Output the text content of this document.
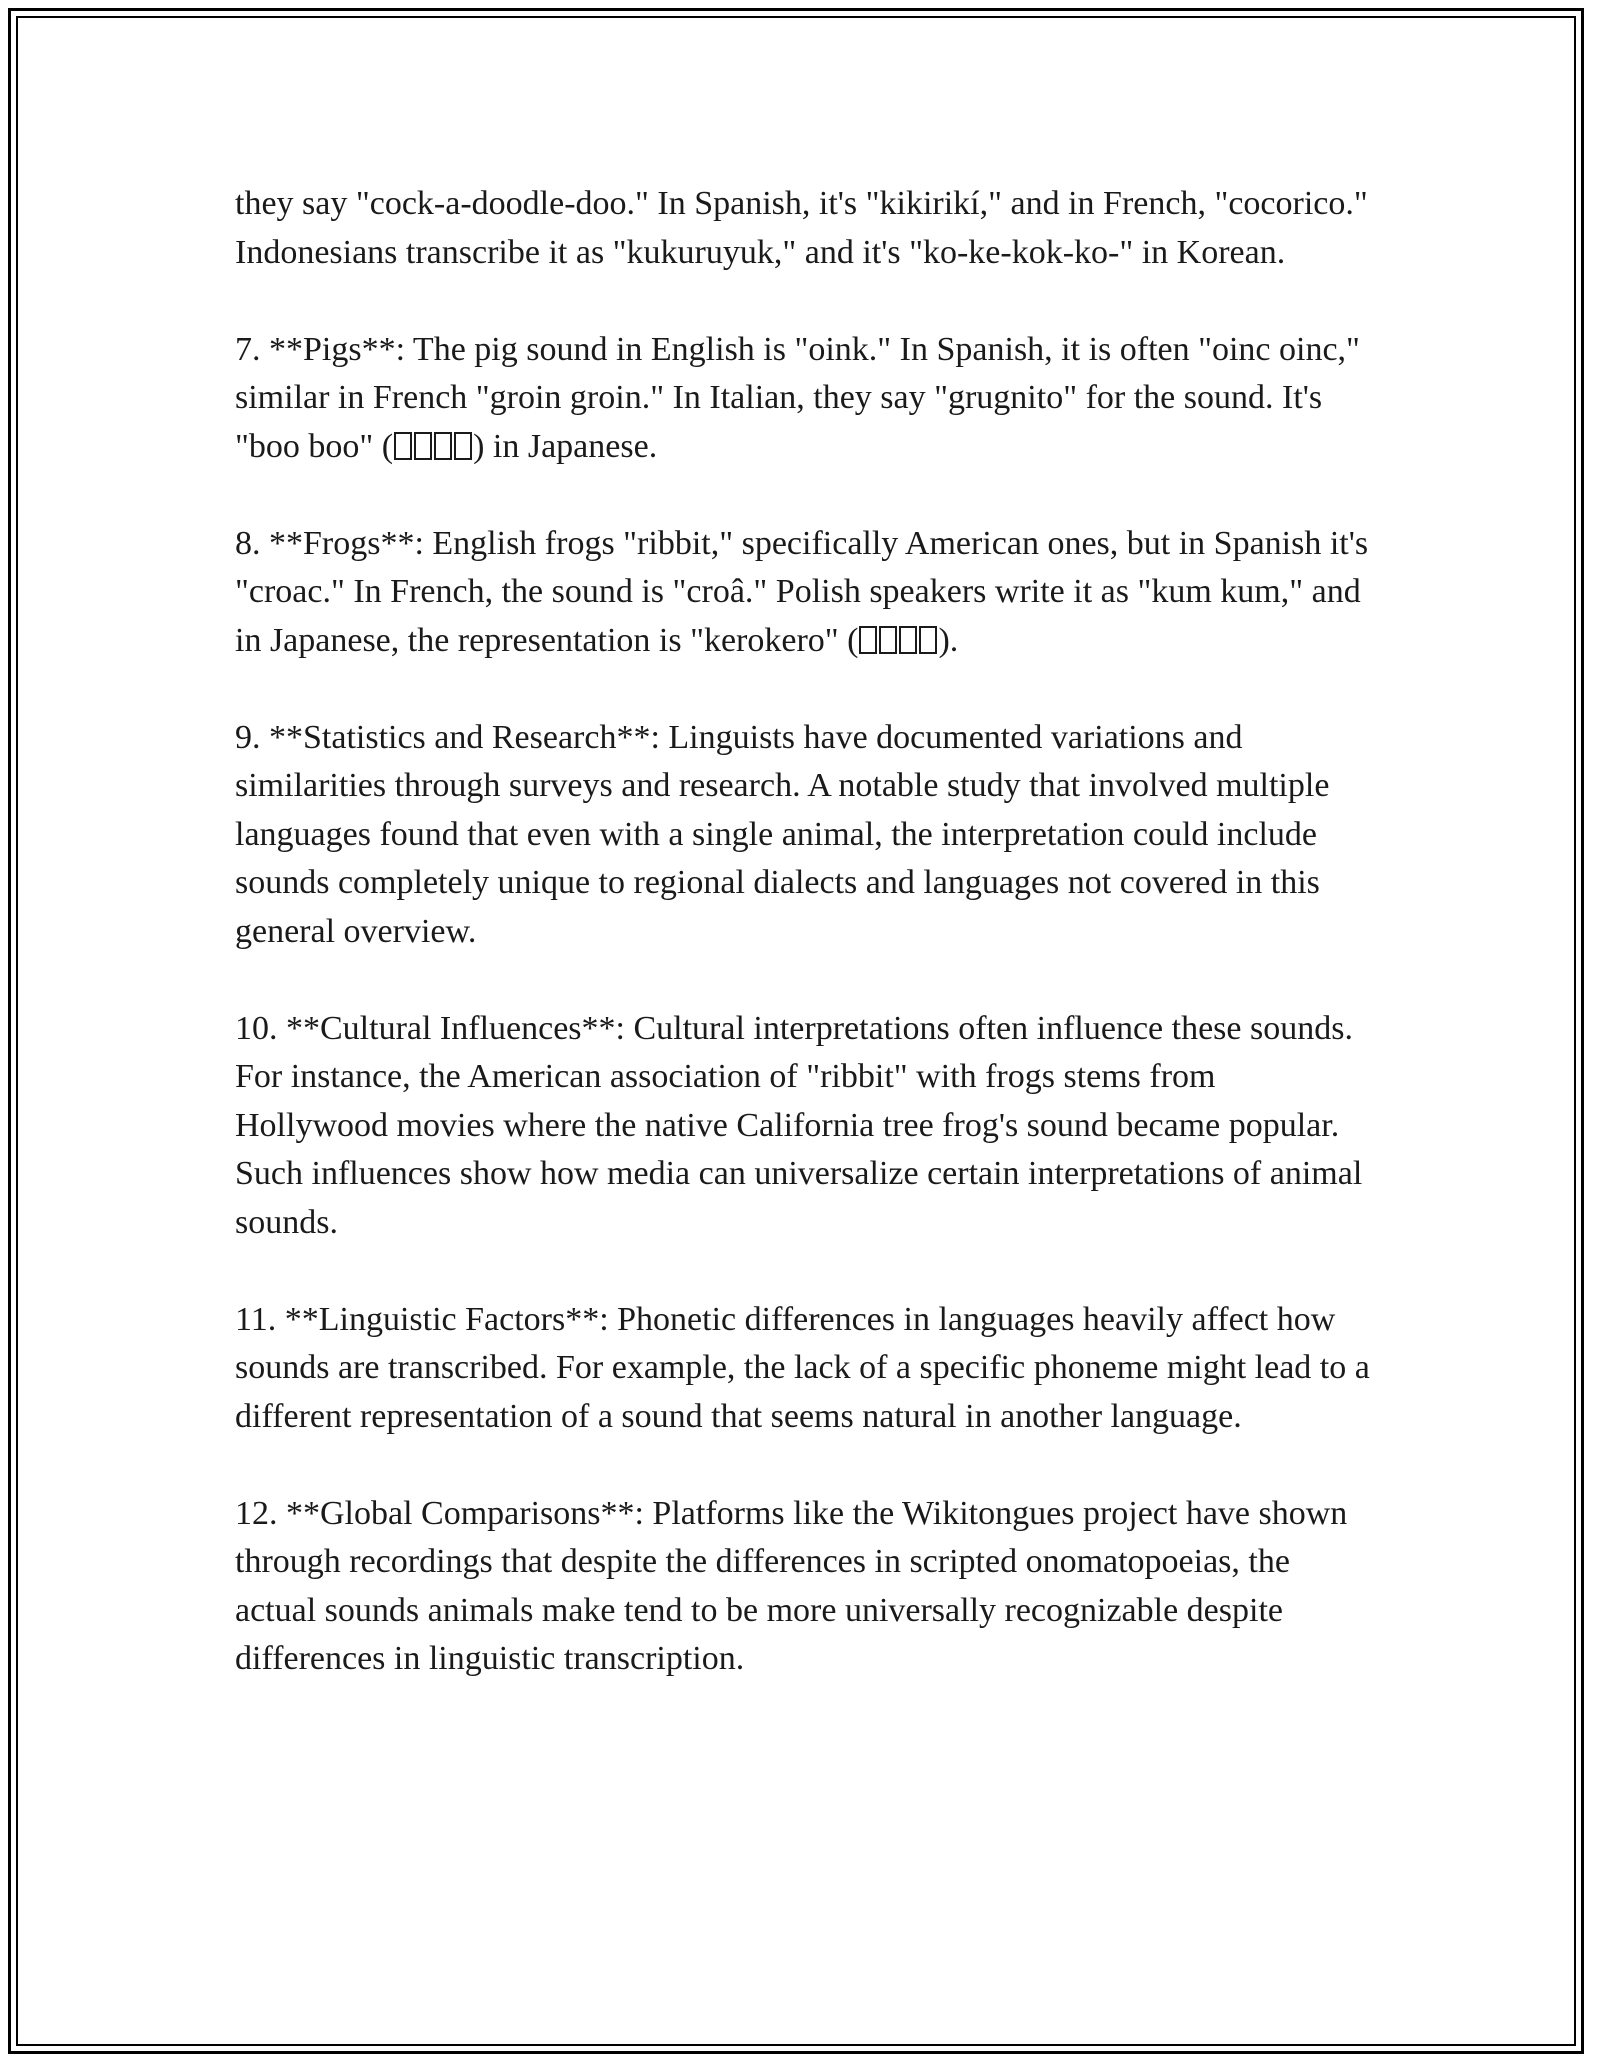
they say "cock-a-doodle-doo." In Spanish, it's "kikirikí," and in French, "cocorico." Indonesians transcribe it as "kukuruyuk," and it's "ko-ke-kok-ko-" in Korean.

7. **Pigs**: The pig sound in English is "oink." In Spanish, it is often "oinc oinc," similar in French "groin groin." In Italian, they say "grugnito" for the sound. It's "boo boo" ( ) in Japanese.

8. **Frogs**: English frogs "ribbit," specifically American ones, but in Spanish it's "croac." In French, the sound is "croâ." Polish speakers write it as "kum kum," and in Japanese, the representation is "kerokero" ( ).

9. **Statistics and Research**: Linguists have documented variations and similarities through surveys and research. A notable study that involved multiple languages found that even with a single animal, the interpretation could include sounds completely unique to regional dialects and languages not covered in this general overview.

10. **Cultural Influences**: Cultural interpretations often influence these sounds. For instance, the American association of "ribbit" with frogs stems from Hollywood movies where the native California tree frog's sound became popular. Such influences show how media can universalize certain interpretations of animal sounds.

11. **Linguistic Factors**: Phonetic differences in languages heavily affect how sounds are transcribed. For example, the lack of a specific phoneme might lead to a different representation of a sound that seems natural in another language.

12. **Global Comparisons**: Platforms like the Wikitongues project have shown through recordings that despite the differences in scripted onomatopoeias, the actual sounds animals make tend to be more universally recognizable despite differences in linguistic transcription.
